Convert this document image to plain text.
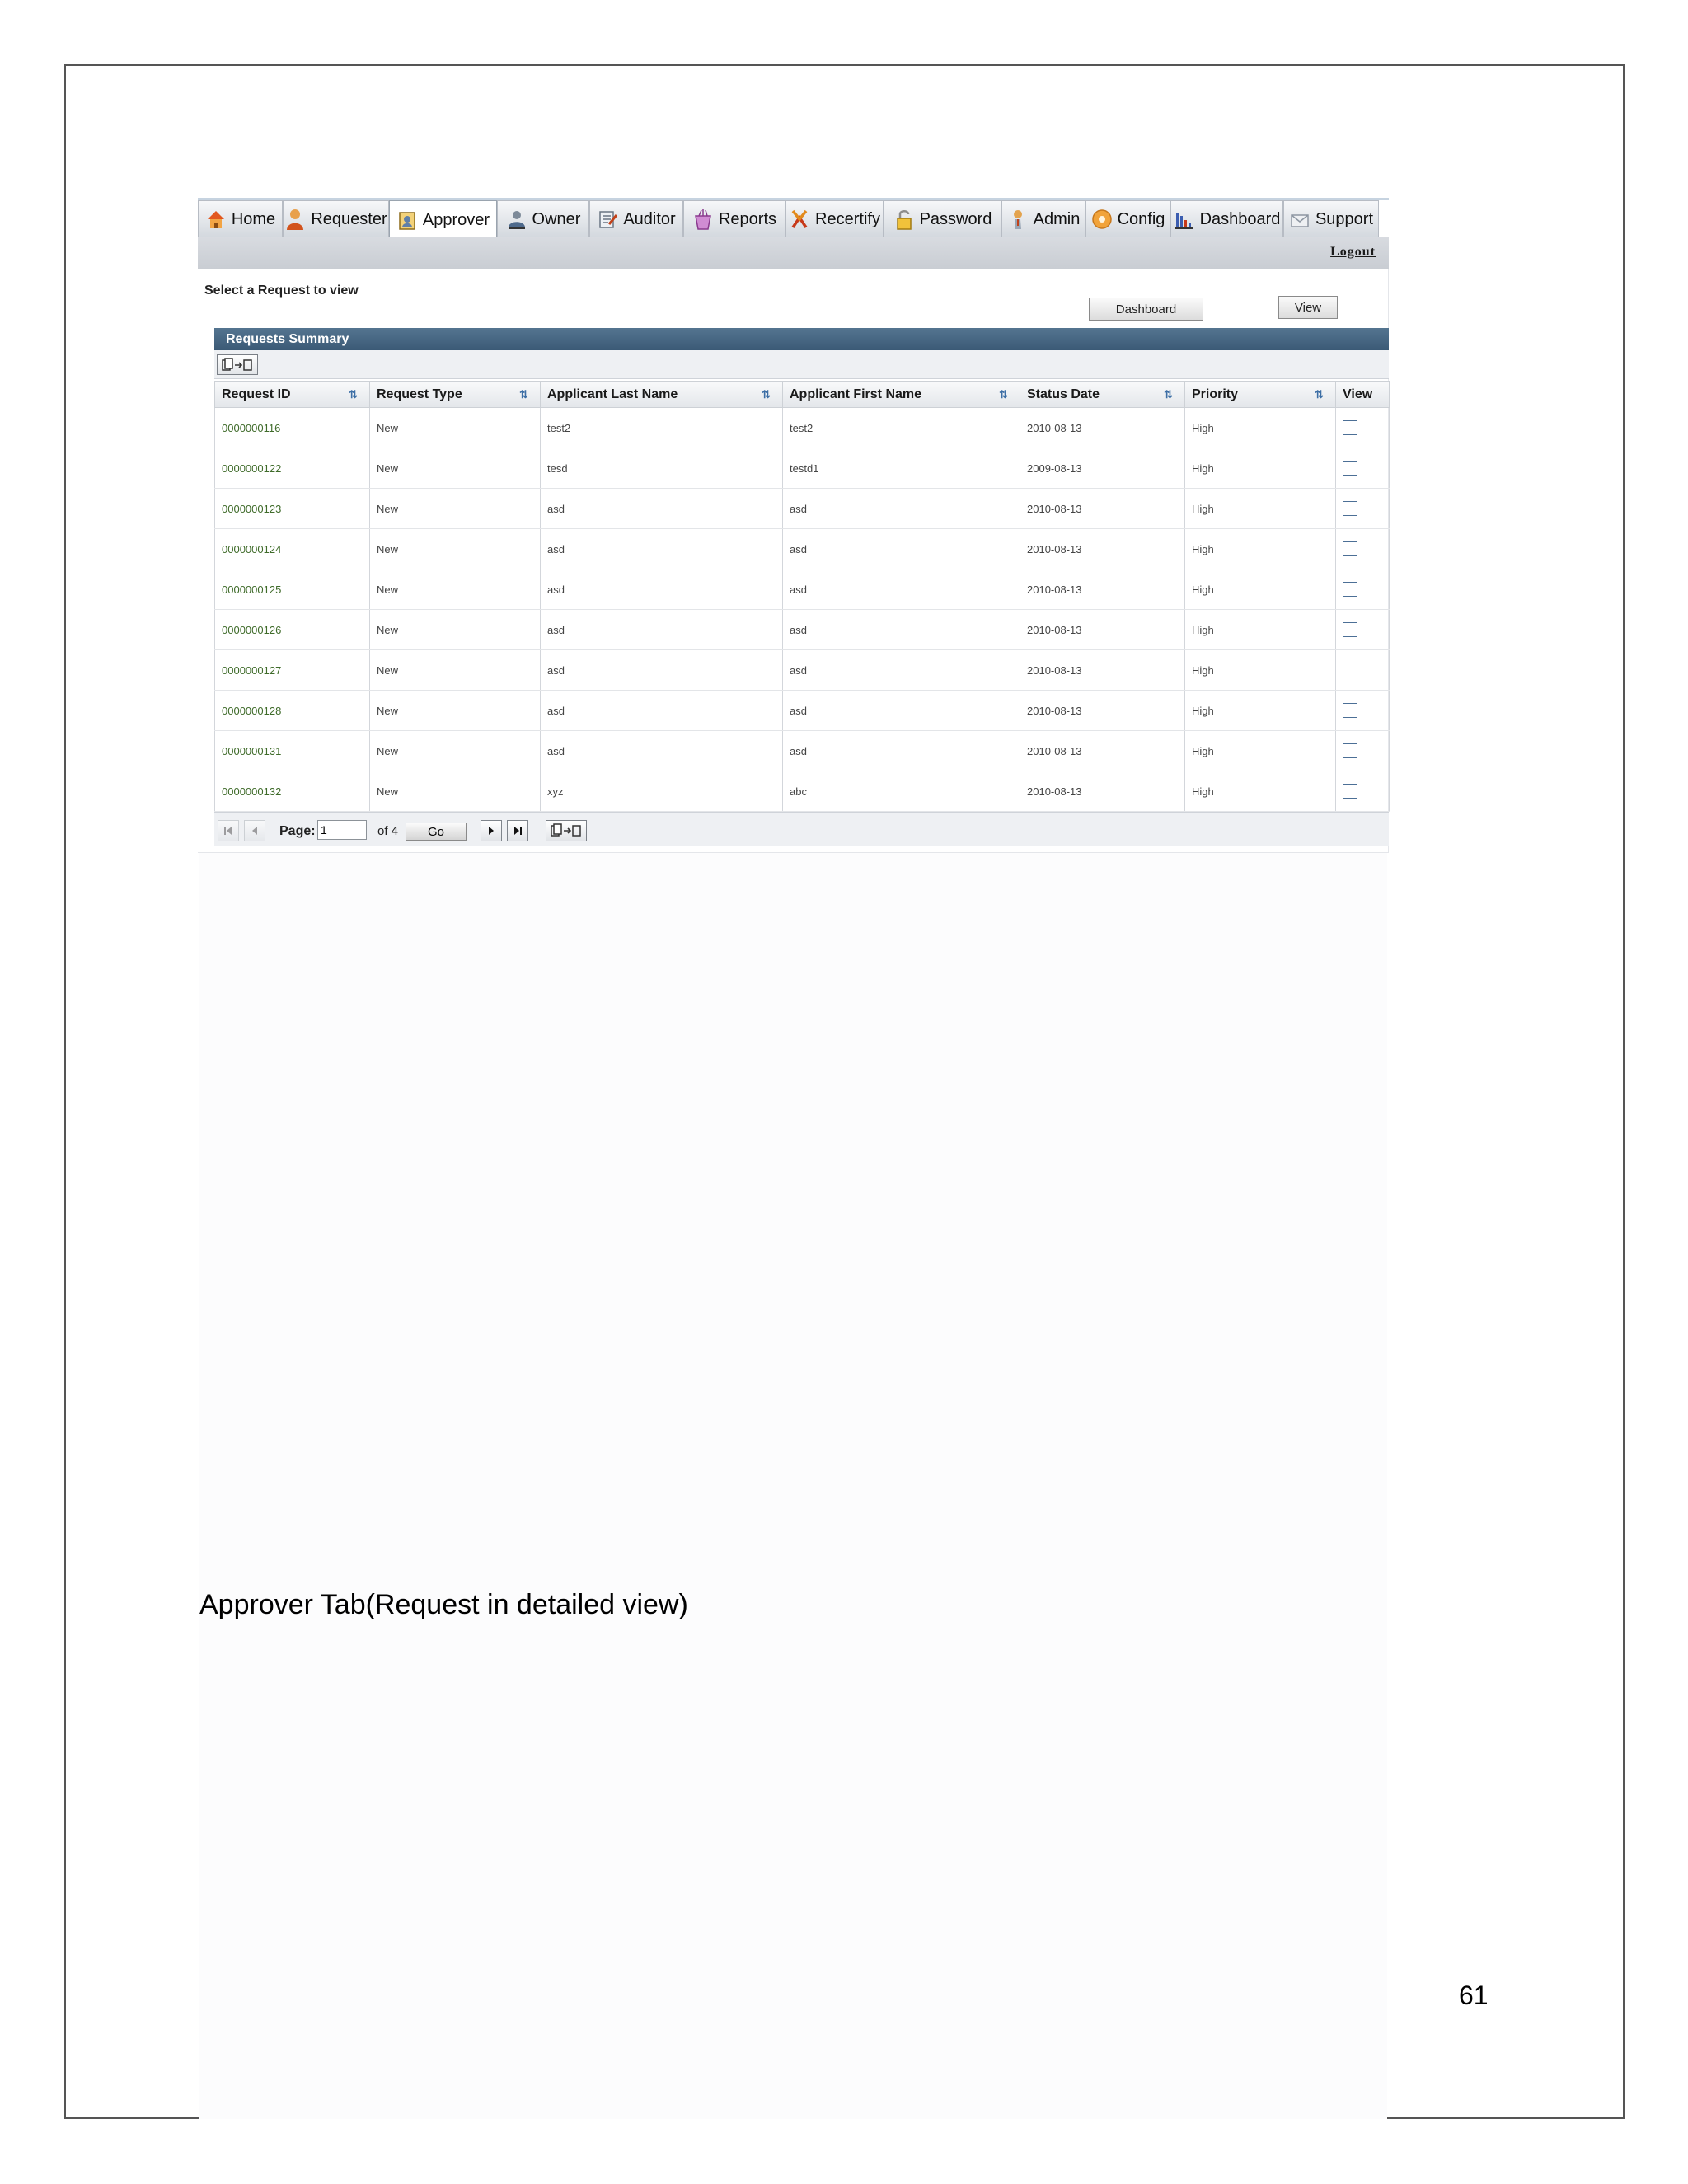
Home Requester Approver	Owner	Auditor	Reports Recertify Password	Admin Config Dashboard Support
Logout
Select a Request to view
Dashboard	View
Requests Summary
Request ID ⇅	Request Type ⇅	Applicant Last Name ⇅	Applicant First Name ⇅	Status Date ⇅	Priority ⇅	View
0000000116	New	test2	test2	2010-08-13	High	
0000000122	New	tesd	testd1	2009-08-13	High	
0000000123	New	asd	asd	2010-08-13	High	
0000000124	New	asd	asd	2010-08-13	High	
0000000125	New	asd	asd	2010-08-13	High	
0000000126	New	asd	asd	2010-08-13	High	
0000000127	New	asd	asd	2010-08-13	High	
0000000128	New	asd	asd	2010-08-13	High	
0000000131	New	asd	asd	2010-08-13	High	
0000000132	New	xyz	abc	2010-08-13	High	
Page:
1	of 4	Go
Approver Tab(Request in detailed view)
61
